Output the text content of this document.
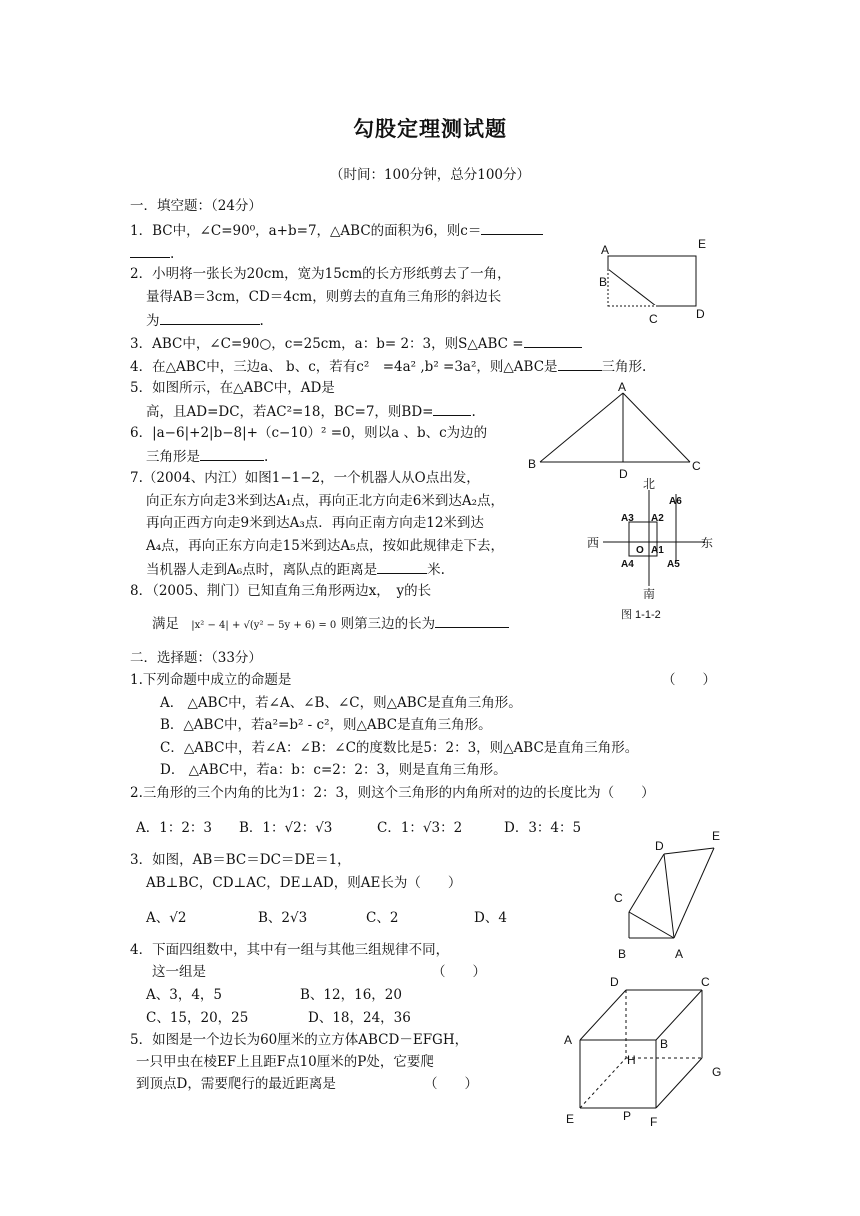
勾股定理测试题
（时间：100分钟，总分100分）
一．填空题：（24分）
1．BC中，∠C=90⁰，a+b=7，△ABC的面积为6，则c＝
.
2．小明将一张长为20cm，宽为15cm的长方形纸剪去了一角，
量得AB＝3cm，CD＝4cm，则剪去的直角三角形的斜边长
为	.
3．ABC中，∠C=90○，c=25cm，a：b= 2：3，则S△ABC =
4．在△ABC中，三边a、 b、c，若有c²　=4a² ,b² =3a²，则△ABC是	三角形.
5．如图所示，在△ABC中，AD是
高，且AD=DC，若AC²=18，BC=7，则BD=	.
6．|a−6|+2|b−8|+（c−10）² =0，则以a 、b、c为边的
三角形是	.
7.（2004、内江）如图1−1−2，一个机器人从O点出发，
向正东方向走3米到达A₁点，再向正北方向走6米到达A₂点，
再向正西方向走9米到达A₃点．再向正南方向走12米到达
A₄点，再向正东方向走15米到达A₅点，按如此规律走下去，
当机器人走到A₆点时，离队点的距离是	米.
8．（2005、荆门）已知直角三角形两边x，　y的长
满足 |x² − 4| + √(y² − 5y + 6) = 0 则第三边的长为
二．选择题：（33分）
1.下列命题中成立的命题是	（　　）
A． △ABC中，若∠A、∠B、∠C，则△ABC是直角三角形。
B．△ABC中，若a²=b² - c²，则△ABC是直角三角形。
C．△ABC中，若∠A：∠B：∠C的度数比是5：2：3，则△ABC是直角三角形。
D． △ABC中，若a：b：c=2：2：3，则是直角三角形。
2.三角形的三个内角的比为1：2：3，则这个三角形的内角所对的边的长度比为（　　）
A．1：2：3 B．1：√2：√3	C．1：√3：2	D．3：4：5
3．如图，AB＝BC＝DC＝DE＝1，
AB⊥BC，CD⊥AC，DE⊥AD，则AE长为（　　）
A、√2	B、2√3	C、2	D、4
4．下面四组数中，其中有一组与其他三组规律不同，
这一组是	（　　）
A、3，4，5	B、12，16，20
C、15，20，25	D、18，24，36
5．如图是一个边长为60厘米的立方体ABCD－EFGH，
一只甲虫在棱EF上且距F点10厘米的P处，它要爬
到顶点D，需要爬行的最近距离是	（　　）
A	E
B
C	D
A
B
D
C
北
南
西	东
A6
A3 A2
O A1
A4	A5
图 1-1-2
D
E
C
B	A
D	C
A	B
H
G
E	P F
